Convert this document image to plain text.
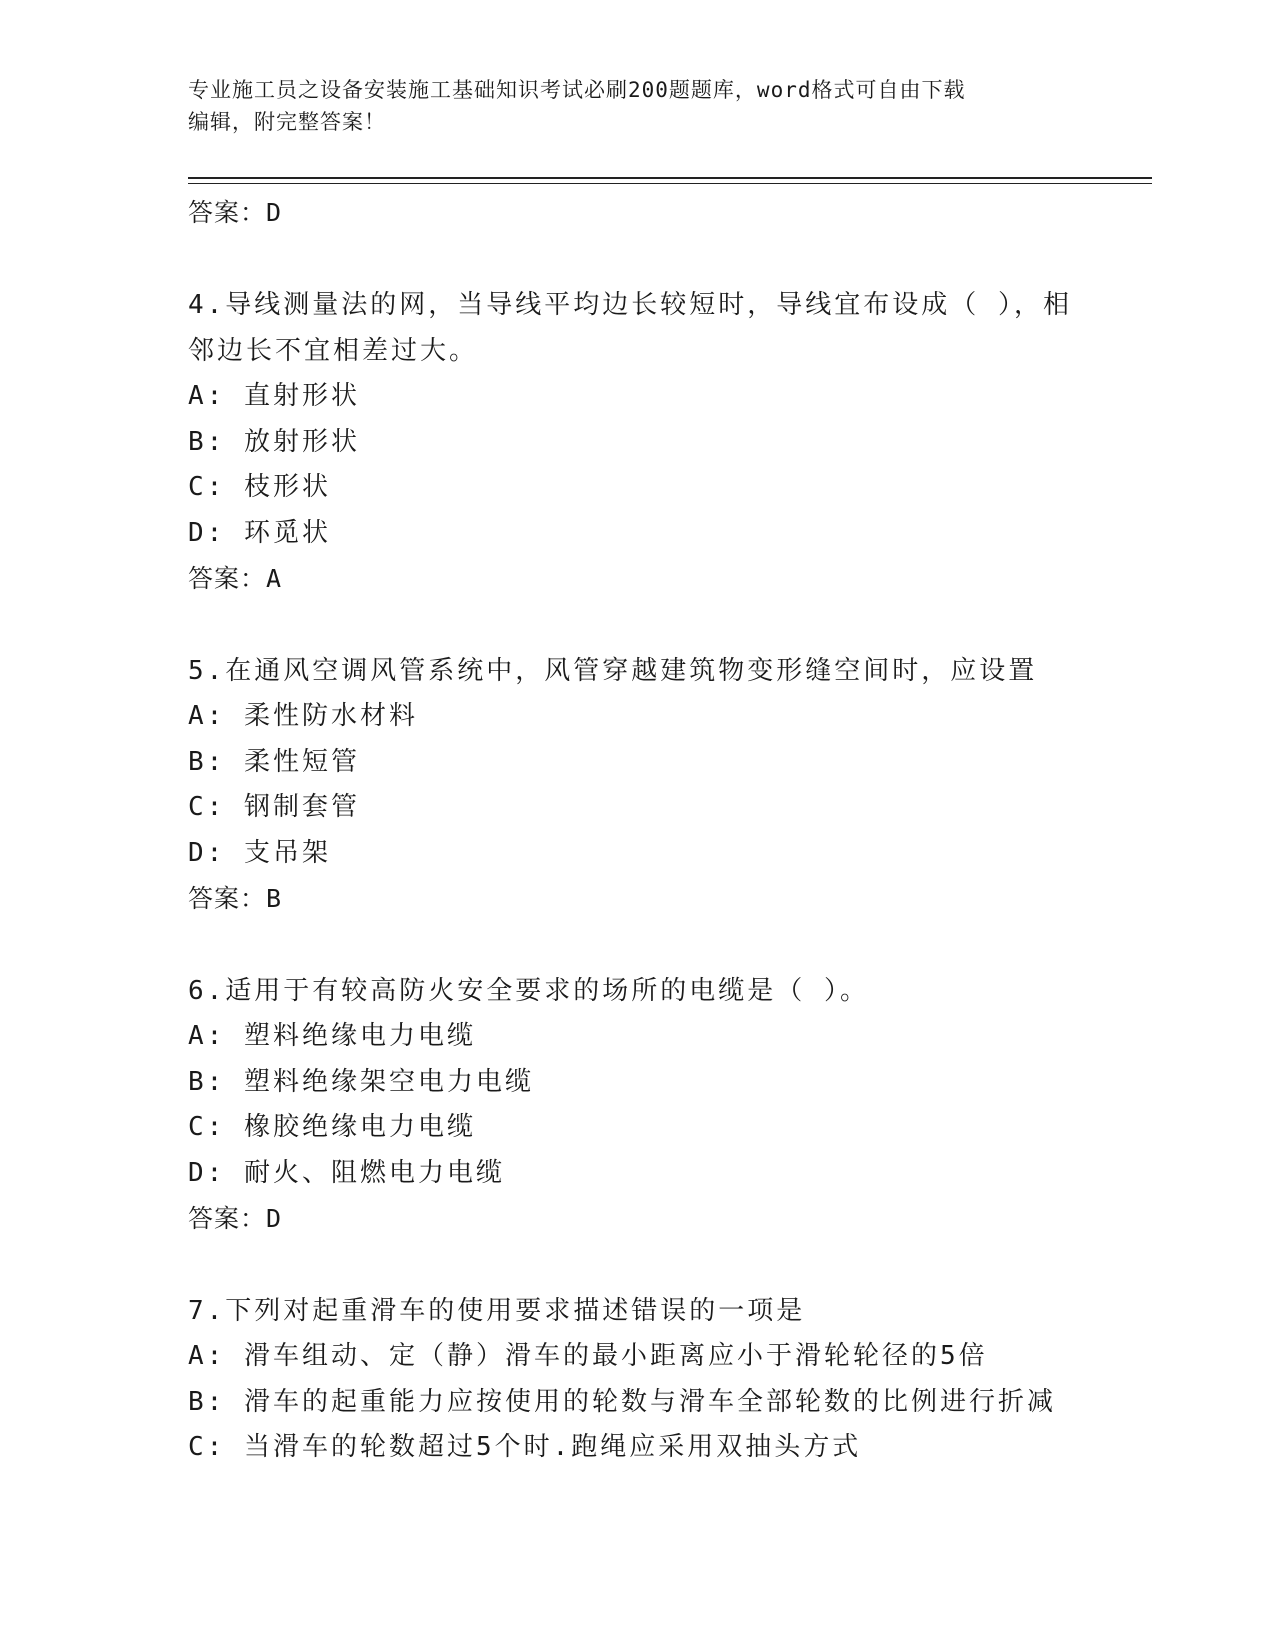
专业施工员之设备安装施工基础知识考试必刷200题题库，word格式可自由下载
编辑，附完整答案！

答案：D

4.导线测量法的网，当导线平均边长较短时，导线宜布设成（ ），相

邻边长不宜相差过大。

A: 直射形状

B: 放射形状

C: 枝形状

D: 环觅状

答案：A

5.在通风空调风管系统中，风管穿越建筑物变形缝空间时，应设置

A: 柔性防水材料

B: 柔性短管

C: 钢制套管

D: 支吊架

答案：B

6.适用于有较高防火安全要求的场所的电缆是（ ）。

A: 塑料绝缘电力电缆

B: 塑料绝缘架空电力电缆

C: 橡胶绝缘电力电缆

D: 耐火、阻燃电力电缆

答案：D

7.下列对起重滑车的使用要求描述错误的一项是

A: 滑车组动、定（静）滑车的最小距离应小于滑轮轮径的5倍

B: 滑车的起重能力应按使用的轮数与滑车全部轮数的比例进行折减

C: 当滑车的轮数超过5个时.跑绳应采用双抽头方式
